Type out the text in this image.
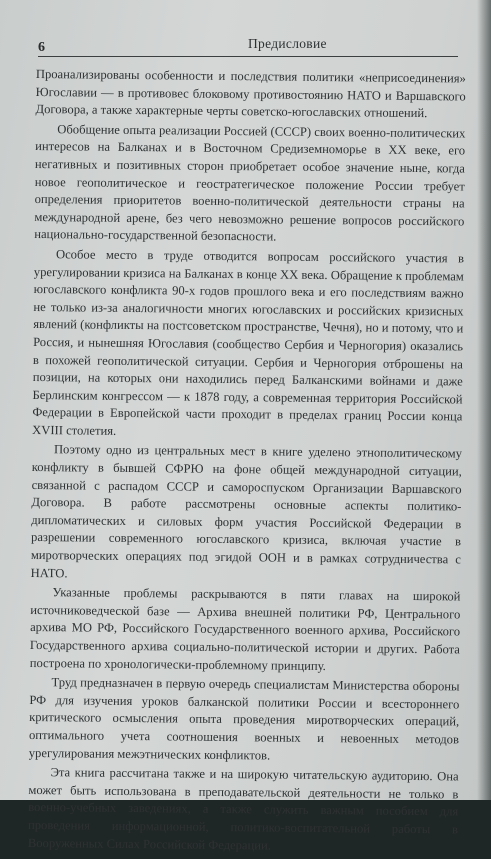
6	Предисловие

Проанализированы особенности и последствия политики «неприсоединения» Югославии — в противовес блоковому противостоянию НАТО и Варшавского Договора, а также характерные черты советско-югославских отношений.

Обобщение опыта реализации Россией (СССР) своих военно-политических интересов на Балканах и в Восточном Средиземноморье в XX веке, его негативных и позитивных сторон приобретает особое значение ныне, когда новое геополитическое и геостратегическое положение России требует определения приоритетов военно-политической деятельности страны на международной арене, без чего невозможно решение вопросов российского национально-государственной безопасности.

Особое место в труде отводится вопросам российского участия в урегулировании кризиса на Балканах в конце XX века. Обращение к проблемам югославского конфликта 90-х годов прошлого века и его последствиям важно не только из-за аналогичности многих югославских и российских кризисных явлений (конфликты на постсоветском пространстве, Чечня), но и потому, что и Россия, и нынешняя Югославия (сообщество Сербия и Черногория) оказались в похожей геополитической ситуации. Сербия и Черногория отброшены на позиции, на которых они находились перед Балканскими войнами и даже Берлинским конгрессом — к 1878 году, а современная территория Российской Федерации в Европейской части проходит в пределах границ России конца XVIII столетия.

Поэтому одно из центральных мест в книге уделено этнополитическому конфликту в бывшей СФРЮ на фоне общей международной ситуации, связанной с распадом СССР и самороспуском Организации Варшавского Договора. В работе рассмотрены основные аспекты политико-дипломатических и силовых форм участия Российской Федерации в разрешении современного югославского кризиса, включая участие в миротворческих операциях под эгидой ООН и в рамках сотрудничества с НАТО.

Указанные проблемы раскрываются в пяти главах на широкой источниковедческой базе — Архива внешней политики РФ, Центрального архива МО РФ, Российского Государственного военного архива, Российского Государственного архива социально-политической истории и других. Работа построена по хронологически-проблемному принципу.

Труд предназначен в первую очередь специалистам Министерства обороны РФ для изучения уроков балканской политики России и всестороннего критического осмысления опыта проведения миротворческих операций, оптимального учета соотношения военных и невоенных методов урегулирования межэтнических конфликтов.

Эта книга рассчитана также и на широкую читательскую аудиторию. Она может быть использована в преподавательской деятельности не только в военно-учебных заведениях, а также служить важным пособием для проведения информационной, политико-воспитательной работы в Вооруженных Силах Российской Федерации.
